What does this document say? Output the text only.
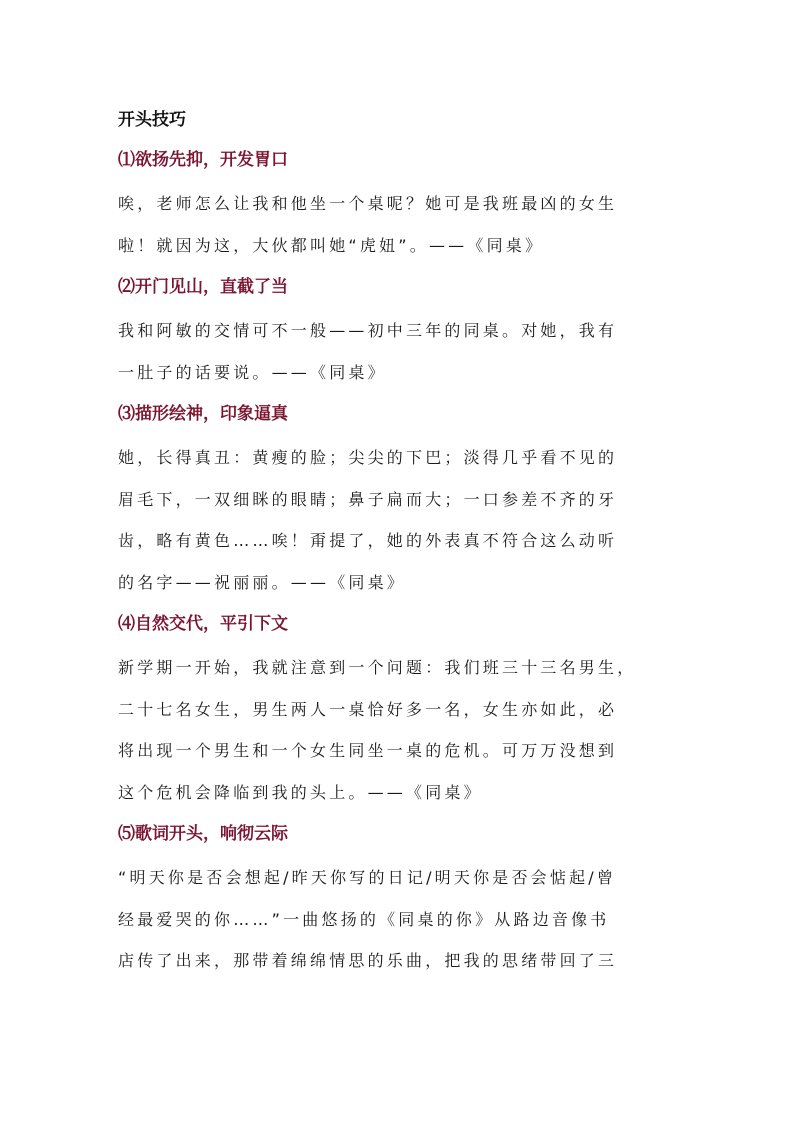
开头技巧
⑴欲扬先抑，开发胃口
唉，老师怎么让我和他坐一个桌呢？她可是我班最凶的女生
啦！就因为这，大伙都叫她“虎妞”。——《同桌》
⑵开门见山，直截了当
我和阿敏的交情可不一般——初中三年的同桌。对她，我有
一肚子的话要说。——《同桌》
⑶描形绘神，印象逼真
她，长得真丑：黄瘦的脸；尖尖的下巴；淡得几乎看不见的
眉毛下，一双细眯的眼睛；鼻子扁而大；一口参差不齐的牙
齿，略有黄色……唉！甭提了，她的外表真不符合这么动听
的名字——祝丽丽。——《同桌》
⑷自然交代，平引下文
新学期一开始，我就注意到一个问题：我们班三十三名男生，
二十七名女生，男生两人一桌恰好多一名，女生亦如此，必
将出现一个男生和一个女生同坐一桌的危机。可万万没想到
这个危机会降临到我的头上。——《同桌》
⑸歌词开头，响彻云际
“明天你是否会想起/昨天你写的日记/明天你是否会惦起/曾
经最爱哭的你……”一曲悠扬的《同桌的你》从路边音像书
店传了出来，那带着绵绵情思的乐曲，把我的思绪带回了三
